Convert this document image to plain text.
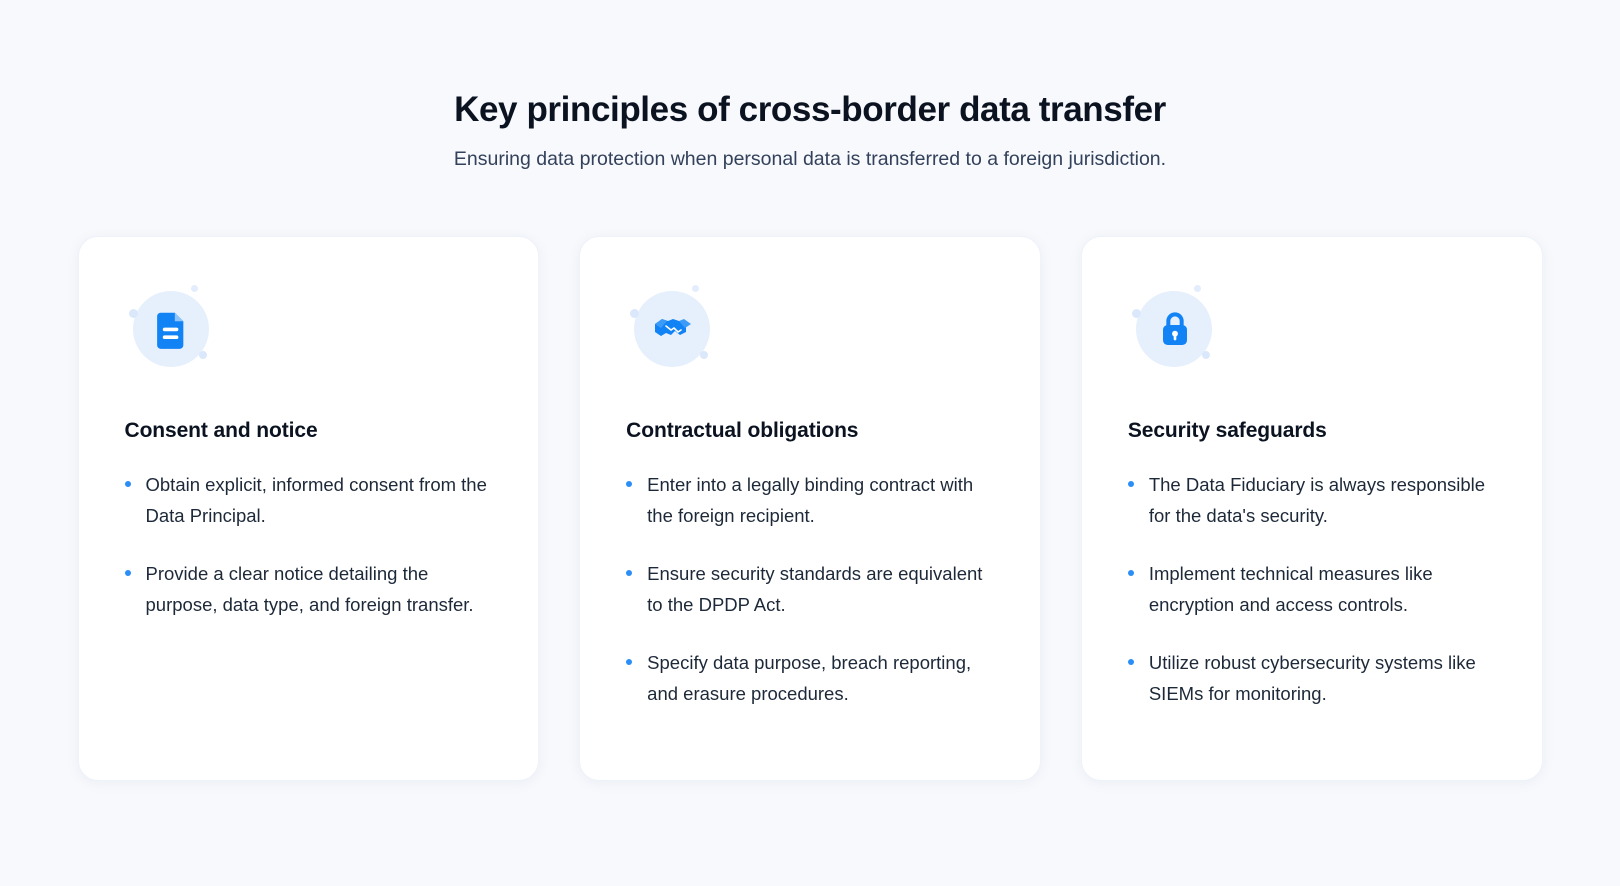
Key principles of cross-border data transfer
Ensuring data protection when personal data is transferred to a foreign jurisdiction.
Consent and notice
Obtain explicit, informed consent from the Data Principal.
Provide a clear notice detailing the purpose, data type, and foreign transfer.
Contractual obligations
Enter into a legally binding contract with the foreign recipient.
Ensure security standards are equivalent to the DPDP Act.
Specify data purpose, breach reporting, and erasure procedures.
Security safeguards
The Data Fiduciary is always responsible for the data's security.
Implement technical measures like encryption and access controls.
Utilize robust cybersecurity systems like SIEMs for monitoring.
